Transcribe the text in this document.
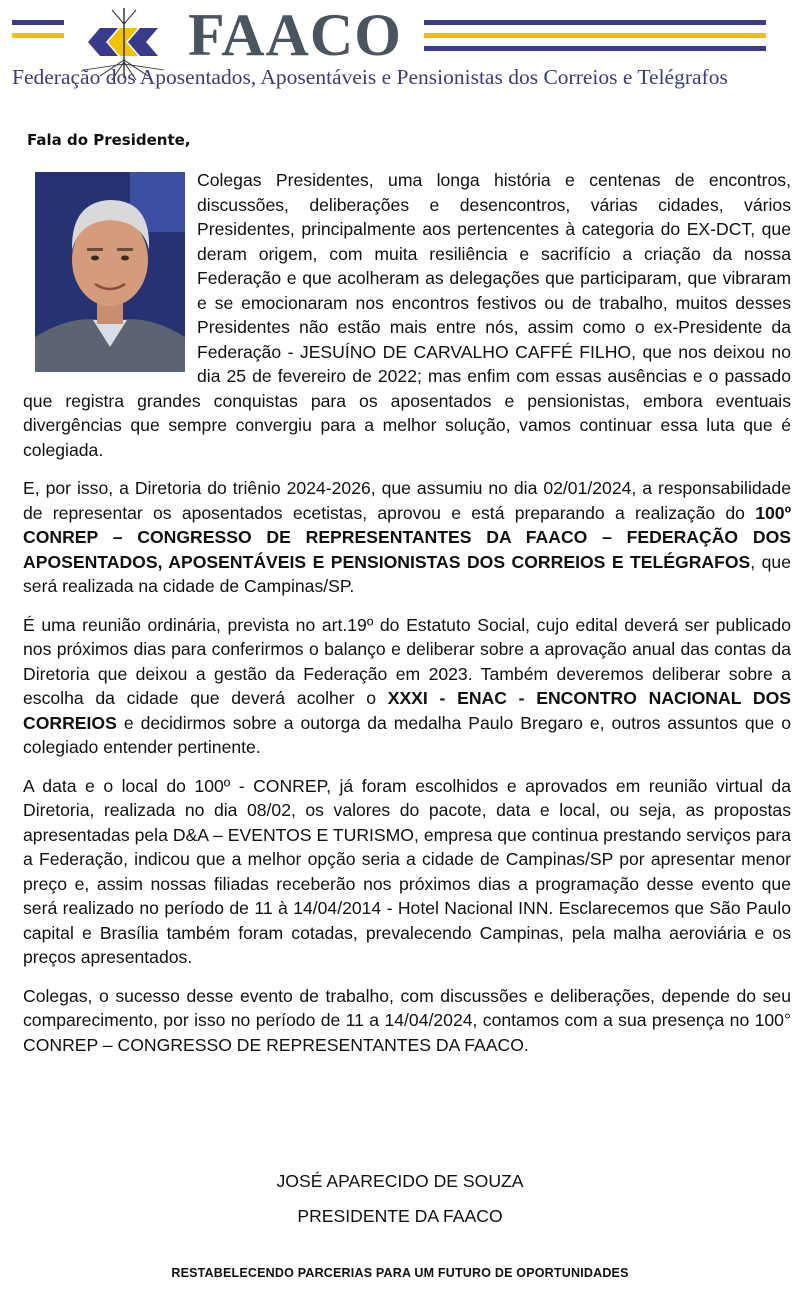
FAACO
Federação dos Aposentados, Aposentáveis e Pensionistas dos Correios e Telégrafos
Fala do Presidente,

Colegas Presidentes, uma longa história e centenas de encontros, discussões, deliberações e desencontros, várias cidades, vários Presidentes, principalmente aos pertencentes à categoria do EX-DCT, que deram origem, com muita resiliência e sacrifício a criação da nossa Federação e que acolheram as delegações que participaram, que vibraram e se emocionaram nos encontros festivos ou de trabalho, muitos desses Presidentes não estão mais entre nós, assim como o ex-Presidente da Federação - JESUÍNO DE CARVALHO CAFFÉ FILHO, que nos deixou no dia 25 de fevereiro de 2022; mas enfim com essas ausências e o passado que registra grandes conquistas para os aposentados e pensionistas, embora eventuais divergências que sempre convergiu para a melhor solução, vamos continuar essa luta que é colegiada.

E, por isso, a Diretoria do triênio 2024-2026, que assumiu no dia 02/01/2024, a responsabilidade de representar os aposentados ecetistas, aprovou e está preparando a realização do 100º CONREP – CONGRESSO DE REPRESENTANTES DA FAACO – FEDERAÇÃO DOS APOSENTADOS, APOSENTÁVEIS E PENSIONISTAS DOS CORREIOS E TELÉGRAFOS, que será realizada na cidade de Campinas/SP.

É uma reunião ordinária, prevista no art.19º do Estatuto Social, cujo edital deverá ser publicado nos próximos dias para conferirmos o balanço e deliberar sobre a aprovação anual das contas da Diretoria que deixou a gestão da Federação em 2023. Também deveremos deliberar sobre a escolha da cidade que deverá acolher o XXXI - ENAC - ENCONTRO NACIONAL DOS CORREIOS e decidirmos sobre a outorga da medalha Paulo Bregaro e, outros assuntos que o colegiado entender pertinente.

A data e o local do 100º - CONREP, já foram escolhidos e aprovados em reunião virtual da Diretoria, realizada no dia 08/02, os valores do pacote, data e local, ou seja, as propostas apresentadas pela D&A – EVENTOS E TURISMO, empresa que continua prestando serviços para a Federação, indicou que a melhor opção seria a cidade de Campinas/SP por apresentar menor preço e, assim nossas filiadas receberão nos próximos dias a programação desse evento que será realizado no período de 11 à 14/04/2014 - Hotel Nacional INN. Esclarecemos que São Paulo capital e Brasília também foram cotadas, prevalecendo Campinas, pela malha aeroviária e os preços apresentados.

Colegas, o sucesso desse evento de trabalho, com discussões e deliberações, depende do seu comparecimento, por isso no período de 11 a 14/04/2024, contamos com a sua presença no 100° CONREP – CONGRESSO DE REPRESENTANTES DA FAACO.

JOSÉ APARECIDO DE SOUZA
PRESIDENTE DA FAACO
RESTABELECENDO PARCERIAS PARA UM FUTURO DE OPORTUNIDADES
